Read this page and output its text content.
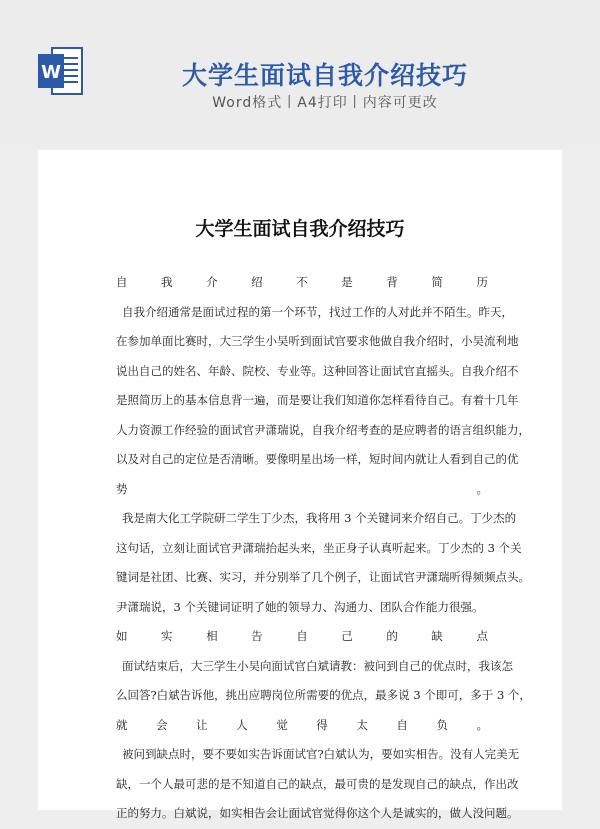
W	大学生面试自我介绍技巧
Word格式丨A4打印丨内容可更改
大学生面试自我介绍技巧
自 我 介 绍 不 是 背 简 历
自我介绍通常是面试过程的第一个环节，找过工作的人对此并不陌生。昨天，
在参加单面比赛时，大三学生小吴听到面试官要求他做自我介绍时，小吴流利地
说出自己的姓名、年龄、院校、专业等。这种回答让面试官直摇头。自我介绍不
是照简历上的基本信息背一遍，而是要让我们知道你怎样看待自己。有着十几年
人力资源工作经验的面试官尹潇瑞说，自我介绍考查的是应聘者的语言组织能力，
以及对自己的定位是否清晰。要像明星出场一样，短时间内就让人看到自己的优
势	。
我是南大化工学院研二学生丁少杰，我将用 3 个关键词来介绍自己。丁少杰的
这句话，立刻让面试官尹潇瑞抬起头来，坐正身子认真听起来。丁少杰的 3 个关
键词是社团、比赛、实习，并分别举了几个例子，让面试官尹潇瑞听得频频点头。
尹潇瑞说，3 个关键词证明了她的领导力、沟通力、团队合作能力很强。
如 实 相 告 自 己 的 缺 点
面试结束后，大三学生小吴向面试官白斌请教：被问到自己的优点时，我该怎
么回答?白斌告诉他，挑出应聘岗位所需要的优点，最多说 3 个即可，多于 3 个，
就 会 让 人 觉 得 太 自 负 。
被问到缺点时，要不要如实告诉面试官?白斌认为，要如实相告。没有人完美无
缺，一个人最可悲的是不知道自己的缺点，最可贵的是发现自己的缺点，作出改
正的努力。白斌说，如实相告会让面试官觉得你这个人是诚实的，做人没问题。
